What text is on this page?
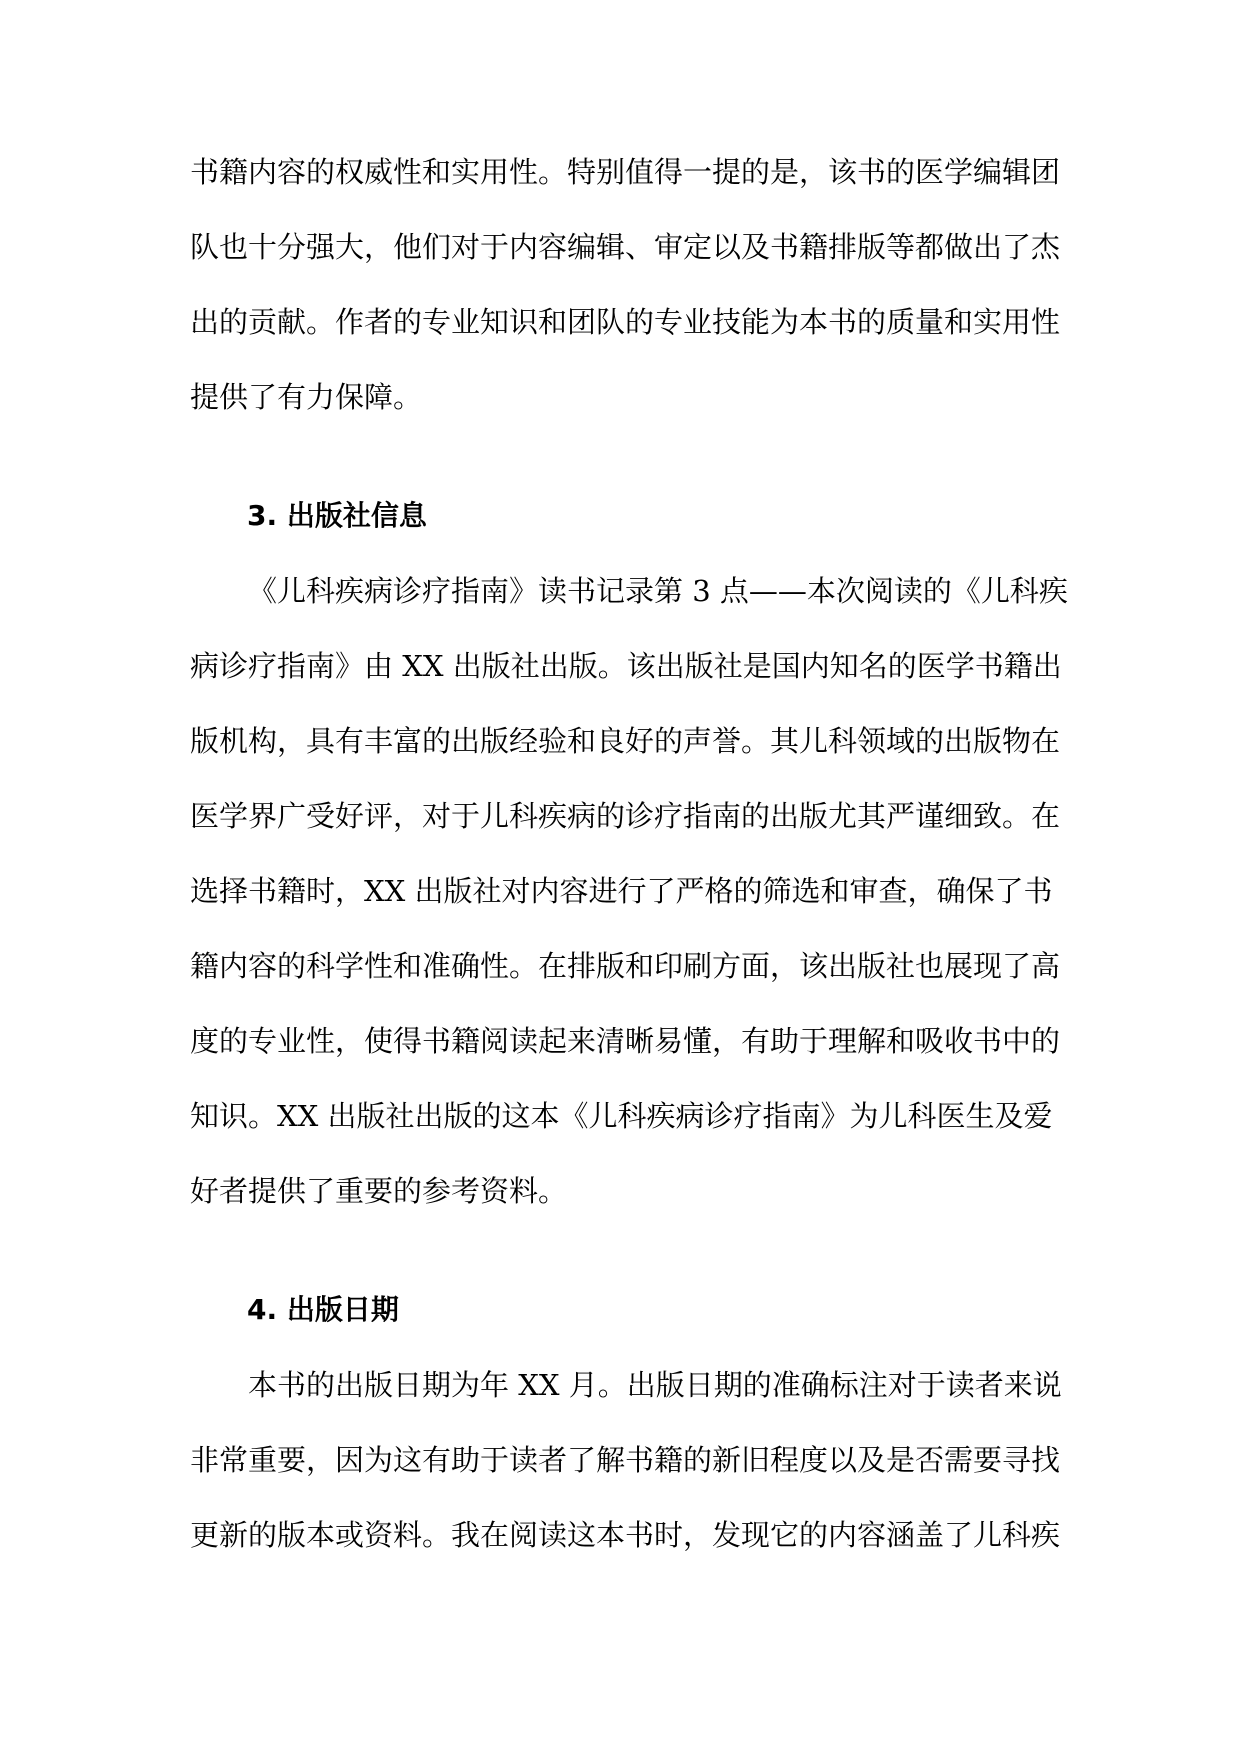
书籍内容的权威性和实用性。特别值得一提的是，该书的医学编辑团
队也十分强大，他们对于内容编辑、审定以及书籍排版等都做出了杰
出的贡献。作者的专业知识和团队的专业技能为本书的质量和实用性
提供了有力保障。
3. 出版社信息
《儿科疾病诊疗指南》读书记录第 3 点——本次阅读的《儿科疾
病诊疗指南》由 XX 出版社出版。该出版社是国内知名的医学书籍出
版机构，具有丰富的出版经验和良好的声誉。其儿科领域的出版物在
医学界广受好评，对于儿科疾病的诊疗指南的出版尤其严谨细致。在
选择书籍时，XX 出版社对内容进行了严格的筛选和审查，确保了书
籍内容的科学性和准确性。在排版和印刷方面，该出版社也展现了高
度的专业性，使得书籍阅读起来清晰易懂，有助于理解和吸收书中的
知识。XX 出版社出版的这本《儿科疾病诊疗指南》为儿科医生及爱
好者提供了重要的参考资料。
4. 出版日期
本书的出版日期为年 XX 月。出版日期的准确标注对于读者来说
非常重要，因为这有助于读者了解书籍的新旧程度以及是否需要寻找
更新的版本或资料。我在阅读这本书时，发现它的内容涵盖了儿科疾
